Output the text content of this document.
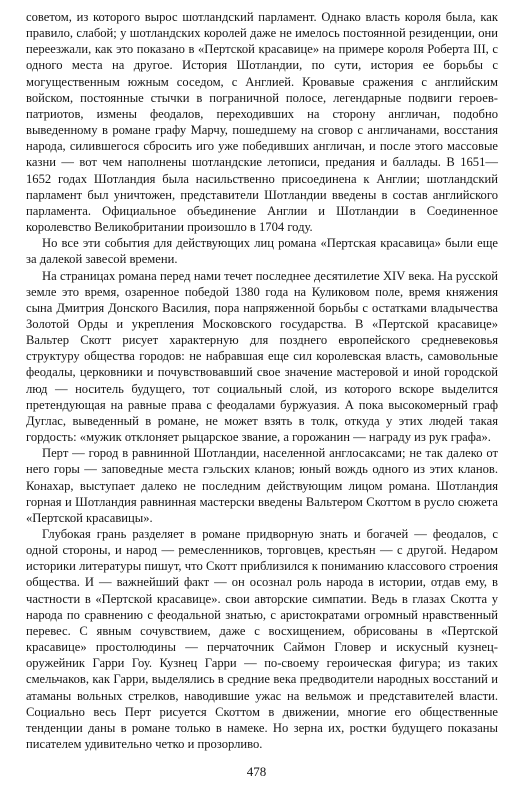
советом, из которого вырос шотландский парламент. Однако власть короля была, как правило, слабой; у шотландских королей даже не имелось постоянной резиденции, они переезжали, как это показано в «Пертской красавице» на примере короля Роберта III, с одного места на другое. История Шотландии, по сути, история ее борьбы с могущественным южным соседом, с Англией. Кровавые сражения с английским войском, постоянные стычки в пограничной полосе, легендарные подвиги героев-патриотов, измены феодалов, переходивших на сторону англичан, подобно выведенному в романе графу Марчу, пошедшему на сговор с англичанами, восстания народа, силившегося сбросить иго уже победивших англичан, и после этого массовые казни — вот чем наполнены шотландские летописи, предания и баллады. В 1651—1652 годах Шотландия была насильственно присоединена к Англии; шотландский парламент был уничтожен, представители Шотландии введены в состав английского парламента. Официальное объединение Англии и Шотландии в Соединенное королевство Великобритании произошло в 1704 году.

Но все эти события для действующих лиц романа «Пертская красавица» были еще за далекой завесой времени.

На страницах романа перед нами течет последнее десятилетие XIV века. На русской земле это время, озаренное победой 1380 года на Куликовом поле, время княжения сына Дмитрия Донского Василия, пора напряженной борьбы с остатками владычества Золотой Орды и укрепления Московского государства. В «Пертской красавице» Вальтер Скотт рисует характерную для позднего европейского средневековья структуру общества городов: не набравшая еще сил королевская власть, самовольные феодалы, церковники и почувствовавший свое значение мастеровой и иной городской люд — носитель будущего, тот социальный слой, из которого вскоре выделится претендующая на равные права с феодалами буржуазия. А пока высокомерный граф Дуглас, выведенный в романе, не может взять в толк, откуда у этих людей такая гордость: «мужик отклоняет рыцарское звание, а горожанин — награду из рук графа».

Перт — город в равнинной Шотландии, населенной англосаксами; не так далеко от него горы — заповедные места гэльских кланов; юный вождь одного из этих кланов. Конахар, выступает далеко не последним действующим лицом романа. Шотландия горная и Шотландия равнинная мастерски введены Вальтером Скоттом в русло сюжета «Пертской красавицы».

Глубокая грань разделяет в романе придворную знать и богачей — феодалов, с одной стороны, и народ — ремесленников, торговцев, крестьян — с другой. Недаром историки литературы пишут, что Скотт приблизился к пониманию классового строения общества. И — важнейший факт — он осознал роль народа в истории, отдав ему, в частности в «Пертской красавице». свои авторские симпатии. Ведь в глазах Скотта у народа по сравнению с феодальной знатью, с аристократами огромный нравственный перевес. С явным сочувствием, даже с восхищением, обрисованы в «Пертской красавице» простолюдины — перчаточник Саймон Гловер и искусный кузнец-оружейник Гарри Гоу. Кузнец Гарри — по-своему героическая фигура; из таких смельчаков, как Гарри, выделялись в средние века предводители народных восстаний и атаманы вольных стрелков, наводившие ужас на вельмож и представителей власти. Социально весь Перт рисуется Скоттом в движении, многие его общественные тенденции даны в романе только в намеке. Но зерна их, ростки будущего показаны писателем удивительно четко и прозорливо.

478
